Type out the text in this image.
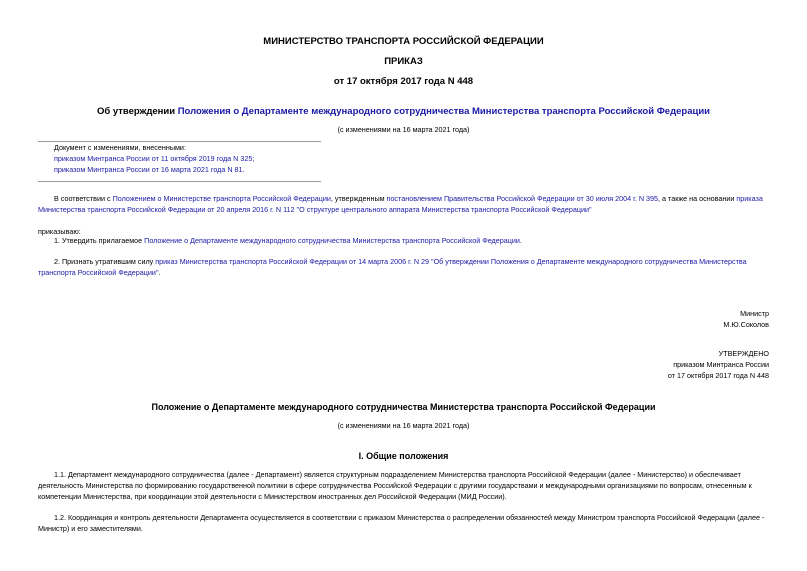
МИНИСТЕРСТВО ТРАНСПОРТА РОССИЙСКОЙ ФЕДЕРАЦИИ
ПРИКАЗ
от 17 октября 2017 года N 448
Об утверждении Положения о Департаменте международного сотрудничества Министерства транспорта Российской Федерации
(с изменениями на 16 марта 2021 года)
Документ с изменениями, внесенными:
приказом Минтранса России от 11 октября 2019 года N 325;
приказом Минтранса России от 16 марта 2021 года N 81.
В соответствии с Положением о Министерстве транспорта Российской Федерации, утвержденным постановлением Правительства Российской Федерации от 30 июля 2004 г. N 395, а также на основании приказа
Министерства транспорта Российской Федерации от 20 апреля 2016 г. N 112 "О структуре центрального аппарата Министерства транспорта Российской Федерации"
приказываю:
1. Утвердить прилагаемое Положение о Департаменте международного сотрудничества Министерства транспорта Российской Федерации.
2. Признать утратившим силу приказ Министерства транспорта Российской Федерации от 14 марта 2006 г. N 29 "Об утверждении Положения о Департаменте международного сотрудничества Министерства
транспорта Российской Федерации".
Министр
М.Ю.Соколов
УТВЕРЖДЕНО
приказом Минтранса России
от 17 октября 2017 года N 448
Положение о Департаменте международного сотрудничества Министерства транспорта Российской Федерации
(с изменениями на 16 марта 2021 года)
I. Общие положения
1.1. Департамент международного сотрудничества (далее - Департамент) является структурным подразделением Министерства транспорта Российской Федерации (далее - Министерство) и обеспечивает
деятельность Министерства по формированию государственной политики в сфере сотрудничества Российской Федерации с другими государствами и международными организациями по вопросам, отнесенным к
компетенции Министерства, при координации этой деятельности с Министерством иностранных дел Российской Федерации (МИД России).
1.2. Координация и контроль деятельности Департамента осуществляется в соответствии с приказом Министерства о распределении обязанностей между Министром транспорта Российской Федерации (далее -
Министр) и его заместителями.
